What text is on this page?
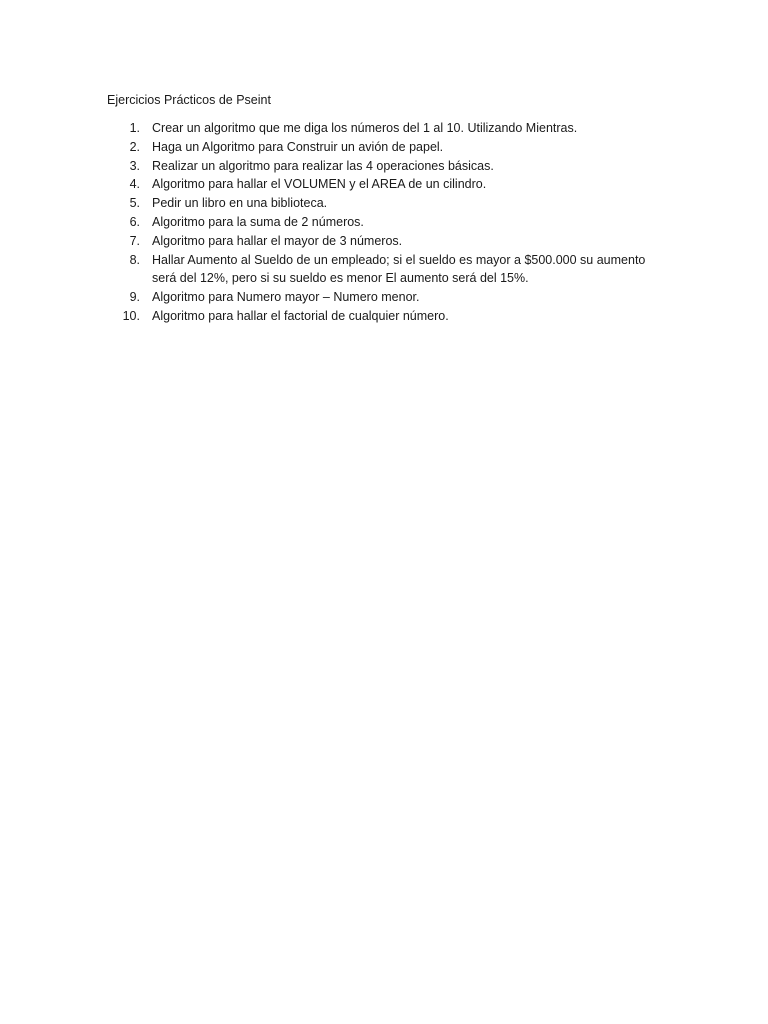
Ejercicios Prácticos de Pseint
1. Crear un algoritmo que me diga los números del 1 al 10. Utilizando Mientras.
2. Haga un Algoritmo para Construir un avión de papel.
3. Realizar un algoritmo para realizar las 4 operaciones básicas.
4. Algoritmo para hallar el VOLUMEN y el AREA de un cilindro.
5. Pedir un libro en una biblioteca.
6. Algoritmo para la suma de 2 números.
7. Algoritmo para hallar el mayor de 3 números.
8. Hallar Aumento al Sueldo de un empleado; si el sueldo es mayor a $500.000 su aumento será del 12%, pero si su sueldo es menor El aumento será del 15%.
9. Algoritmo para Numero mayor – Numero menor.
10. Algoritmo para hallar el factorial de cualquier número.
